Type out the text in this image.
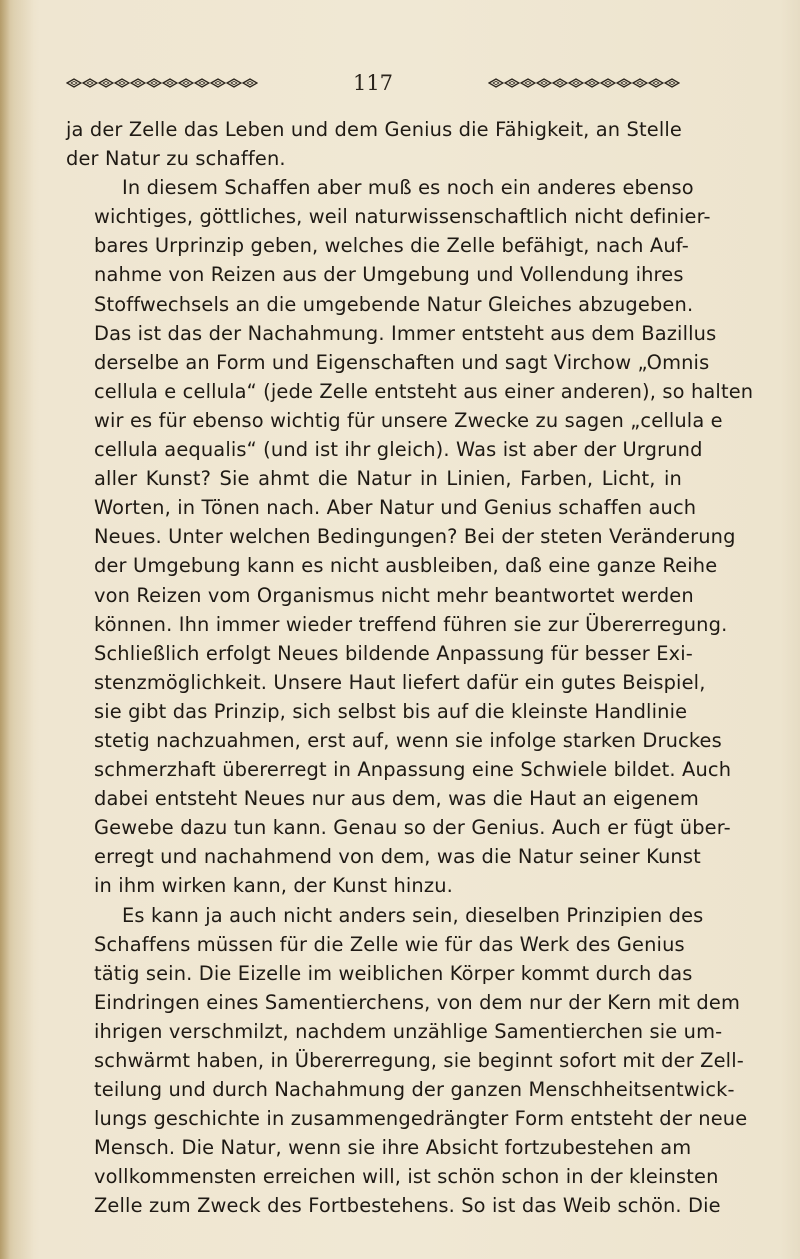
117
ja der Zelle das Leben und dem Genius die Fähigkeit, an Stelle
der Natur zu schaffen.
In diesem Schaffen aber muß es noch ein anderes ebenso
wichtiges, göttliches, weil naturwissenschaftlich nicht definier-
bares Urprinzip geben, welches die Zelle befähigt, nach Auf-
nahme von Reizen aus der Umgebung und Vollendung ihres
Stoffwechsels an die umgebende Natur Gleiches abzugeben.
Das ist das der Nachahmung. Immer entsteht aus dem Bazillus
derselbe an Form und Eigenschaften und sagt Virchow „Omnis
cellula e cellula“ (jede Zelle entsteht aus einer anderen), so halten
wir es für ebenso wichtig für unsere Zwecke zu sagen „cellula e
cellula aequalis“ (und ist ihr gleich). Was ist aber der Urgrund
aller Kunst? Sie ahmt die Natur in Linien, Farben, Licht, in
Worten, in Tönen nach. Aber Natur und Genius schaffen auch
Neues. Unter welchen Bedingungen? Bei der steten Veränderung
der Umgebung kann es nicht ausbleiben, daß eine ganze Reihe
von Reizen vom Organismus nicht mehr beantwortet werden
können. Ihn immer wieder treffend führen sie zur Übererregung.
Schließlich erfolgt Neues bildende Anpassung für besser Exi-
stenzmöglichkeit. Unsere Haut liefert dafür ein gutes Beispiel,
sie gibt das Prinzip, sich selbst bis auf die kleinste Handlinie
stetig nachzuahmen, erst auf, wenn sie infolge starken Druckes
schmerzhaft übererregt in Anpassung eine Schwiele bildet. Auch
dabei entsteht Neues nur aus dem, was die Haut an eigenem
Gewebe dazu tun kann. Genau so der Genius. Auch er fügt über-
erregt und nachahmend von dem, was die Natur seiner Kunst
in ihm wirken kann, der Kunst hinzu.
Es kann ja auch nicht anders sein, dieselben Prinzipien des
Schaffens müssen für die Zelle wie für das Werk des Genius
tätig sein. Die Eizelle im weiblichen Körper kommt durch das
Eindringen eines Samentierchens, von dem nur der Kern mit dem
ihrigen verschmilzt, nachdem unzählige Samentierchen sie um-
schwärmt haben, in Übererregung, sie beginnt sofort mit der Zell-
teilung und durch Nachahmung der ganzen Menschheitsentwick-
lungs geschichte in zusammengedrängter Form entsteht der neue
Mensch. Die Natur, wenn sie ihre Absicht fortzubestehen am
vollkommensten erreichen will, ist schön schon in der kleinsten
Zelle zum Zweck des Fortbestehens. So ist das Weib schön. Die
